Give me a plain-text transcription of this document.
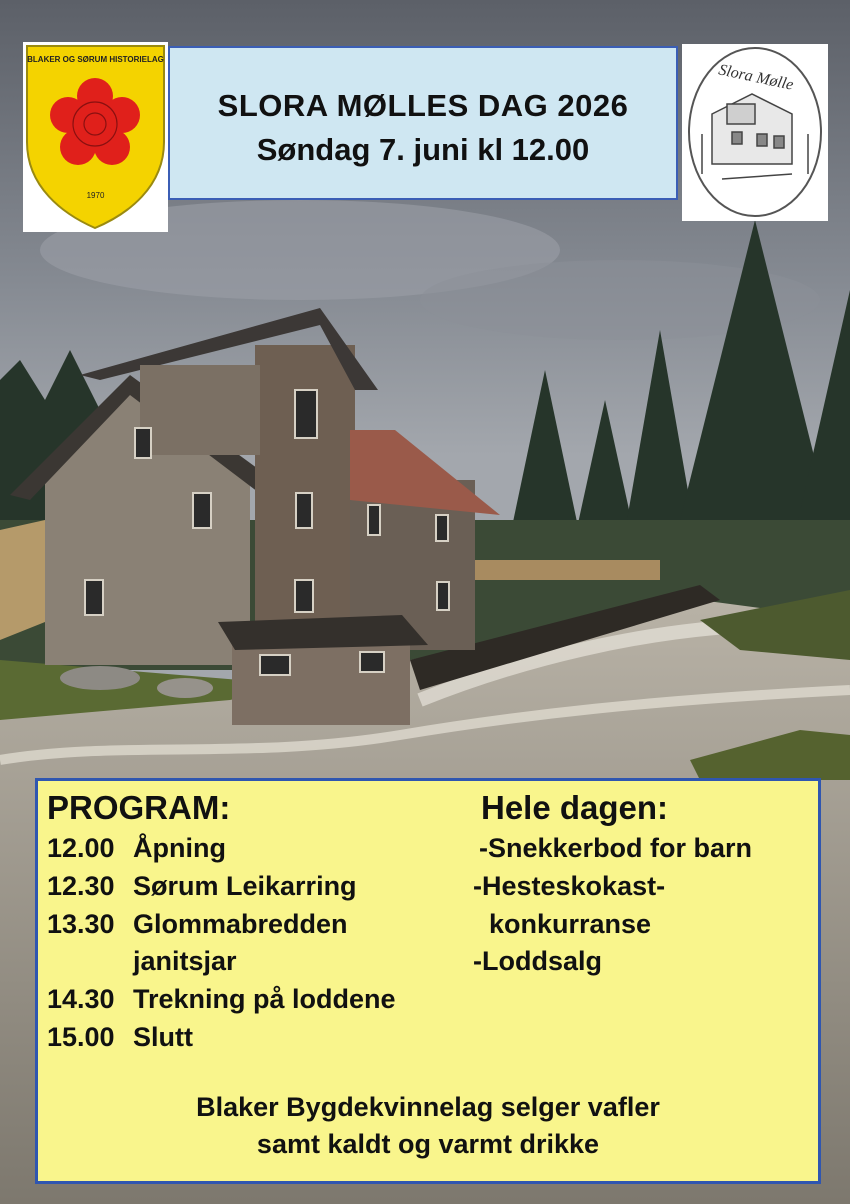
BLAKER OG SØRUM HISTORIELAG
1970
SLORA MØLLES DAG 2026
Søndag 7. juni kl 12.00
Slora Mølle
PROGRAM:	Hele dagen:
12.00 Åpning
12.30 Sørum Leikarring
13.30 Glommabredden
janitsjar
14.30 Trekning på loddene
15.00 Slutt
-Snekkerbod for barn
-Hesteskokast-
konkurranse
-Loddsalg
Blaker Bygdekvinnelag selger vafler
samt kaldt og varmt drikke
